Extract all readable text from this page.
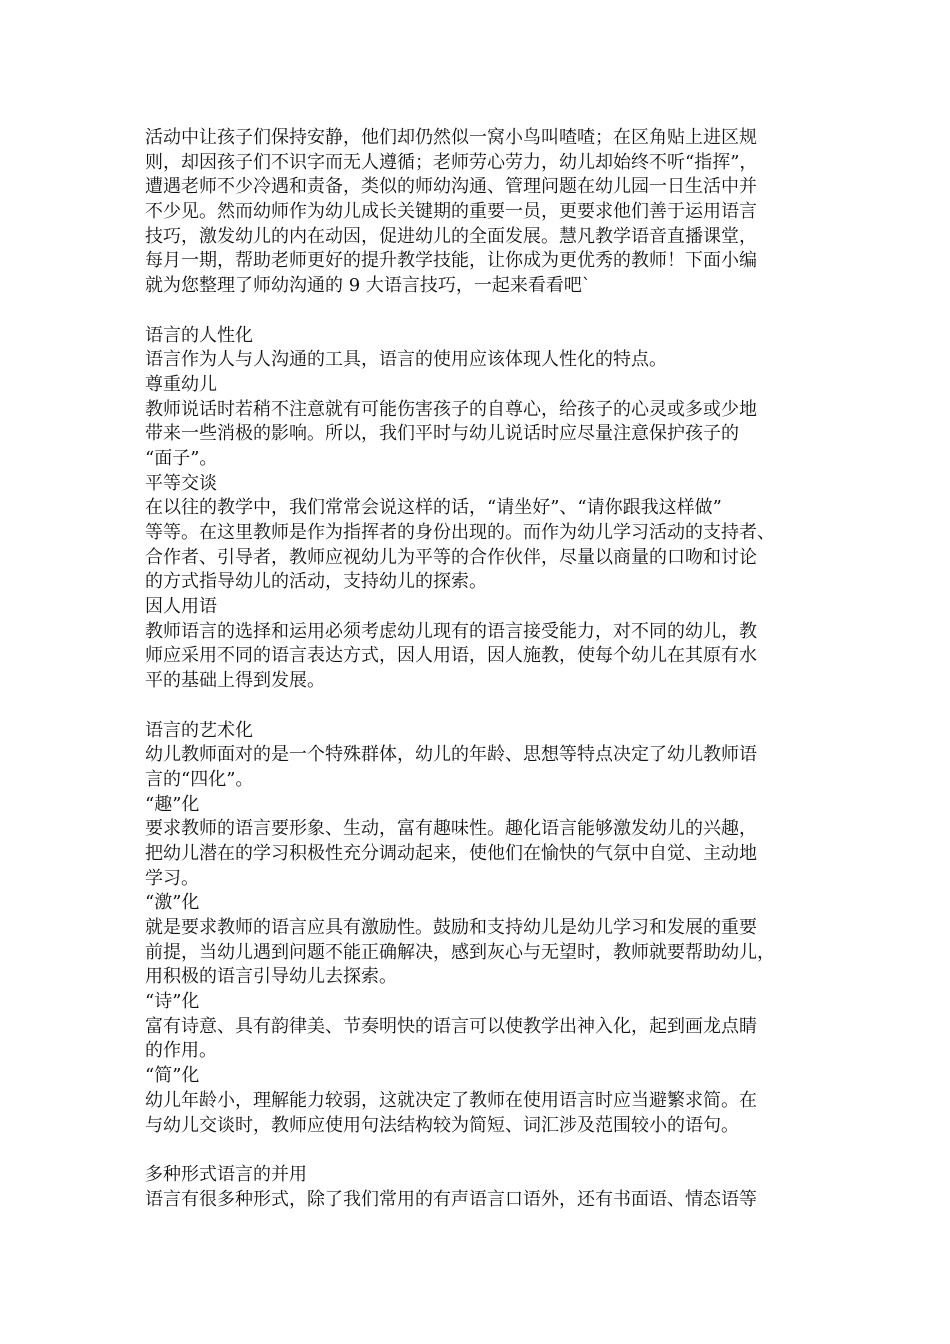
活动中让孩子们保持安静，他们却仍然似一窝小鸟叫喳喳；在区角贴上进区规
则，却因孩子们不识字而无人遵循；老师劳心劳力，幼儿却始终不听“指挥”，
遭遇老师不少冷遇和责备，类似的师幼沟通、管理问题在幼儿园一日生活中并
不少见。然而幼师作为幼儿成长关键期的重要一员，更要求他们善于运用语言
技巧，激发幼儿的内在动因，促进幼儿的全面发展。慧凡教学语音直播课堂，
每月一期，帮助老师更好的提升教学技能，让你成为更优秀的教师！下面小编
就为您整理了师幼沟通的 9 大语言技巧，一起来看看吧`
语言的人性化
语言作为人与人沟通的工具，语言的使用应该体现人性化的特点。
尊重幼儿
教师说话时若稍不注意就有可能伤害孩子的自尊心，给孩子的心灵或多或少地
带来一些消极的影响。所以，我们平时与幼儿说话时应尽量注意保护孩子的
“面子”。
平等交谈
在以往的教学中，我们常常会说这样的话，“请坐好”、“请你跟我这样做”
等等。在这里教师是作为指挥者的身份出现的。而作为幼儿学习活动的支持者、
合作者、引导者，教师应视幼儿为平等的合作伙伴，尽量以商量的口吻和讨论
的方式指导幼儿的活动，支持幼儿的探索。
因人用语
教师语言的选择和运用必须考虑幼儿现有的语言接受能力，对不同的幼儿，教
师应采用不同的语言表达方式，因人用语，因人施教，使每个幼儿在其原有水
平的基础上得到发展。
语言的艺术化
幼儿教师面对的是一个特殊群体，幼儿的年龄、思想等特点决定了幼儿教师语
言的“四化”。
“趣”化
要求教师的语言要形象、生动，富有趣味性。趣化语言能够激发幼儿的兴趣，
把幼儿潜在的学习积极性充分调动起来，使他们在愉快的气氛中自觉、主动地
学习。
“激”化
就是要求教师的语言应具有激励性。鼓励和支持幼儿是幼儿学习和发展的重要
前提，当幼儿遇到问题不能正确解决，感到灰心与无望时，教师就要帮助幼儿，
用积极的语言引导幼儿去探索。
“诗”化
富有诗意、具有韵律美、节奏明快的语言可以使教学出神入化，起到画龙点睛
的作用。
“简”化
幼儿年龄小，理解能力较弱，这就决定了教师在使用语言时应当避繁求简。在
与幼儿交谈时，教师应使用句法结构较为简短、词汇涉及范围较小的语句。
多种形式语言的并用
语言有很多种形式，除了我们常用的有声语言口语外，还有书面语、情态语等
